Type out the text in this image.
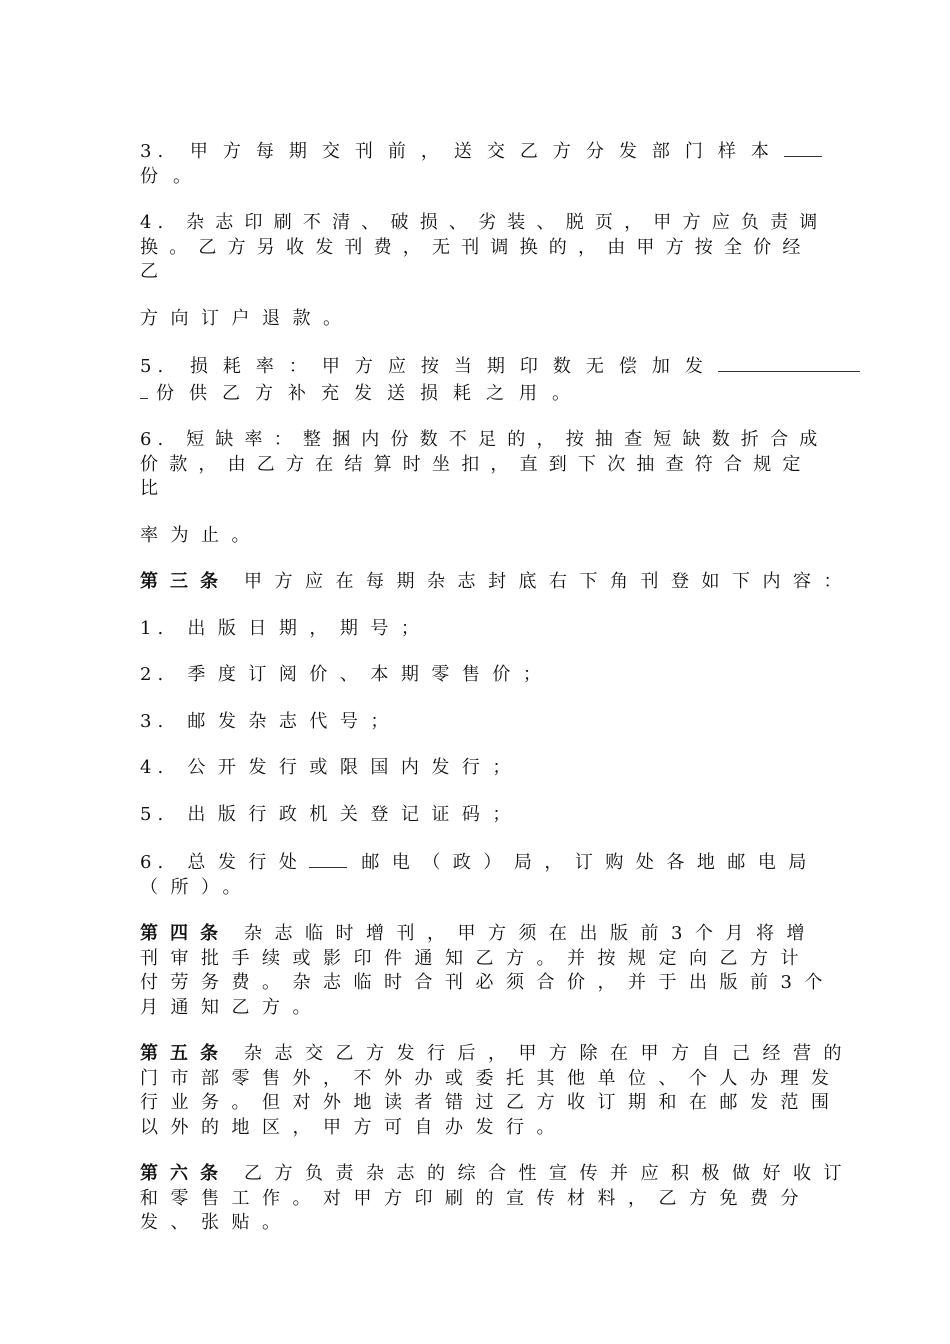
3. 甲方每期交刊前，送交乙方分发部门样本份。

4. 杂志印刷不清、破损、劣装、脱页，甲方应负责调换。乙方另收发刊费，无刊调换的，由甲方按全价经乙

方向订户退款。

5. 损耗率：甲方应按当期印数无偿加发份供乙方补充发送损耗之用。

6. 短缺率：整捆内份数不足的，按抽查短缺数折合成价款，由乙方在结算时坐扣，直到下次抽查符合规定比

率为止。

第三条 甲方应在每期杂志封底右下角刊登如下内容：

1. 出版日期，期号；

2. 季度订阅价、本期零售价；

3. 邮发杂志代号；

4. 公开发行或限国内发行；

5. 出版行政机关登记证码；

6. 总发行处	邮电（政）局，订购处各地邮电局（所）。

第四条 杂志临时增刊，甲方须在出版前3个月将增刊审批手续或影印件通知乙方。并按规定向乙方计付劳务费。杂志临时合刊必须合价，并于出版前3个月通知乙方。

第五条 杂志交乙方发行后，甲方除在甲方自己经营的门市部零售外，不外办或委托其他单位、个人办理发行业务。但对外地读者错过乙方收订期和在邮发范围以外的地区，甲方可自办发行。

第六条 乙方负责杂志的综合性宣传并应积极做好收订和零售工作。对甲方印刷的宣传材料，乙方免费分发、张贴。
